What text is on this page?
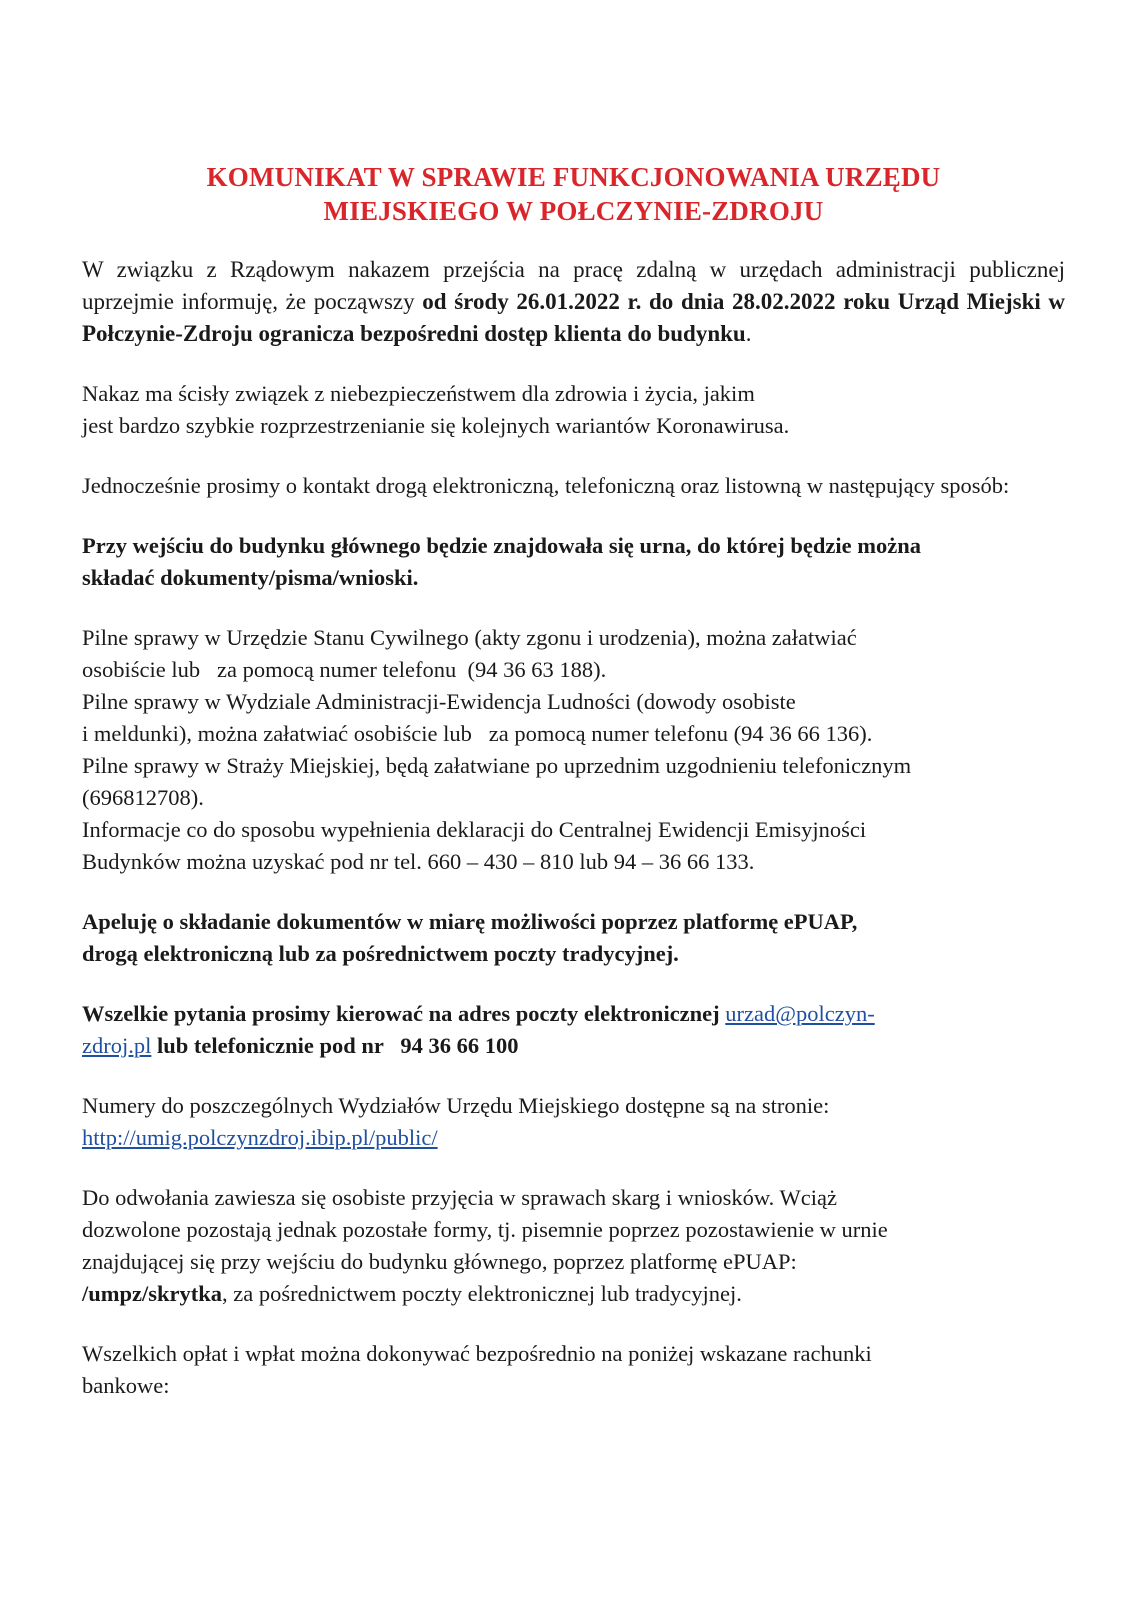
KOMUNIKAT W SPRAWIE FUNKCJONOWANIA URZĘDU
MIEJSKIEGO W POŁCZYNIE-ZDROJU

W związku z Rządowym nakazem przejścia na pracę zdalną w urzędach administracji publicznej uprzejmie informuję, że począwszy od środy 26.01.2022 r. do dnia 28.02.2022 roku Urząd Miejski w Połczynie-Zdroju ogranicza bezpośredni dostęp klienta do budynku.

Nakaz ma ścisły związek z niebezpieczeństwem dla zdrowia i życia, jakim
jest bardzo szybkie rozprzestrzenianie się kolejnych wariantów Koronawirusa.

Jednocześnie prosimy o kontakt drogą elektroniczną, telefoniczną oraz listowną w następujący sposób:

Przy wejściu do budynku głównego będzie znajdowała się urna, do której będzie można
składać dokumenty/pisma/wnioski.

Pilne sprawy w Urzędzie Stanu Cywilnego (akty zgonu i urodzenia), można załatwiać
osobiście lub   za pomocą numer telefonu  (94 36 63 188).
Pilne sprawy w Wydziale Administracji-Ewidencja Ludności (dowody osobiste
i meldunki), można załatwiać osobiście lub   za pomocą numer telefonu (94 36 66 136).
Pilne sprawy w Straży Miejskiej, będą załatwiane po uprzednim uzgodnieniu telefonicznym
(696812708).
Informacje co do sposobu wypełnienia deklaracji do Centralnej Ewidencji Emisyjności
Budynków można uzyskać pod nr tel. 660 – 430 – 810 lub 94 – 36 66 133.

Apeluję o składanie dokumentów w miarę możliwości poprzez platformę ePUAP,
drogą elektroniczną lub za pośrednictwem poczty tradycyjnej.

Wszelkie pytania prosimy kierować na adres poczty elektronicznej urzad@polczyn-
zdroj.pl lub telefonicznie pod nr   94 36 66 100

Numery do poszczególnych Wydziałów Urzędu Miejskiego dostępne są na stronie:
http://umig.polczynzdroj.ibip.pl/public/

Do odwołania zawiesza się osobiste przyjęcia w sprawach skarg i wniosków. Wciąż
dozwolone pozostają jednak pozostałe formy, tj. pisemnie poprzez pozostawienie w urnie
znajdującej się przy wejściu do budynku głównego, poprzez platformę ePUAP:
/umpz/skrytka, za pośrednictwem poczty elektronicznej lub tradycyjnej.

Wszelkich opłat i wpłat można dokonywać bezpośrednio na poniżej wskazane rachunki
bankowe:
